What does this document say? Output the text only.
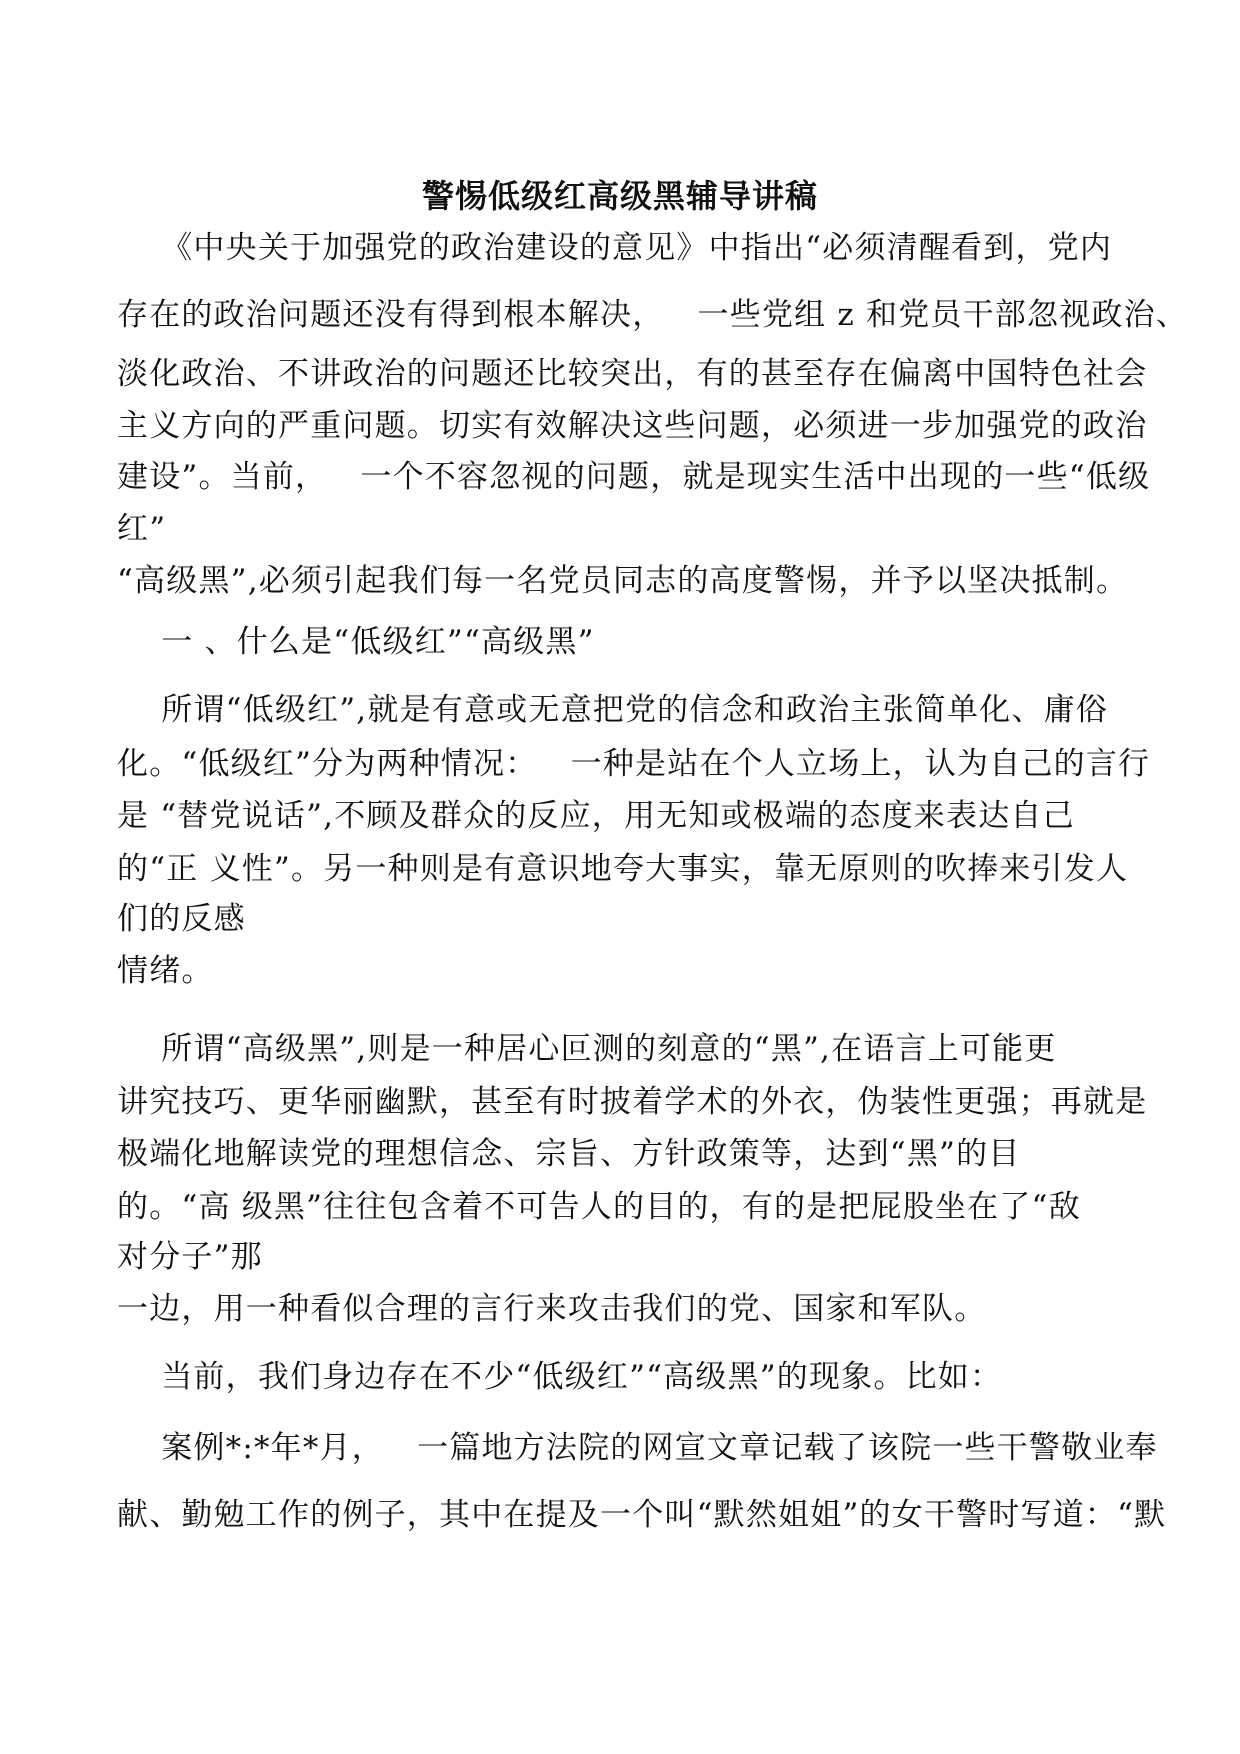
警惕低级红高级黑辅导讲稿
《中央关于加强党的政治建设的意见》中指出“必须清醒看到，党内
存在的政治问题还没有得到根本解决，   一些党组 z 和党员干部忽视政治、
淡化政治、不讲政治的问题还比较突出，有的甚至存在偏离中国特色社会
主义方向的严重问题。切实有效解决这些问题，必须进一步加强党的政治
建设”。当前，   一个不容忽视的问题，就是现实生活中出现的一些“低级
红”
“高级黑”,必须引起我们每一名党员同志的高度警惕，并予以坚决抵制。
一 、什么是“低级红”“高级黑”
所谓“低级红”,就是有意或无意把党的信念和政治主张简单化、庸俗
化。“低级红”分为两种情况：   一种是站在个人立场上，认为自己的言行
是 “替党说话”,不顾及群众的反应，用无知或极端的态度来表达自己
的“正 义性”。另一种则是有意识地夸大事实，靠无原则的吹捧来引发人
们的反感
情绪。
所谓“高级黑”,则是一种居心叵测的刻意的“黑”,在语言上可能更
讲究技巧、更华丽幽默，甚至有时披着学术的外衣，伪装性更强；再就是
极端化地解读党的理想信念、宗旨、方针政策等，达到“黑”的目
的。“高 级黑”往往包含着不可告人的目的，有的是把屁股坐在了“敌
对分子”那
一边，用一种看似合理的言行来攻击我们的党、国家和军队。
当前，我们身边存在不少“低级红”“高级黑”的现象。比如：
案例*:*年*月，   一篇地方法院的网宣文章记载了该院一些干警敬业奉
献、勤勉工作的例子，其中在提及一个叫“默然姐姐”的女干警时写道：“默
